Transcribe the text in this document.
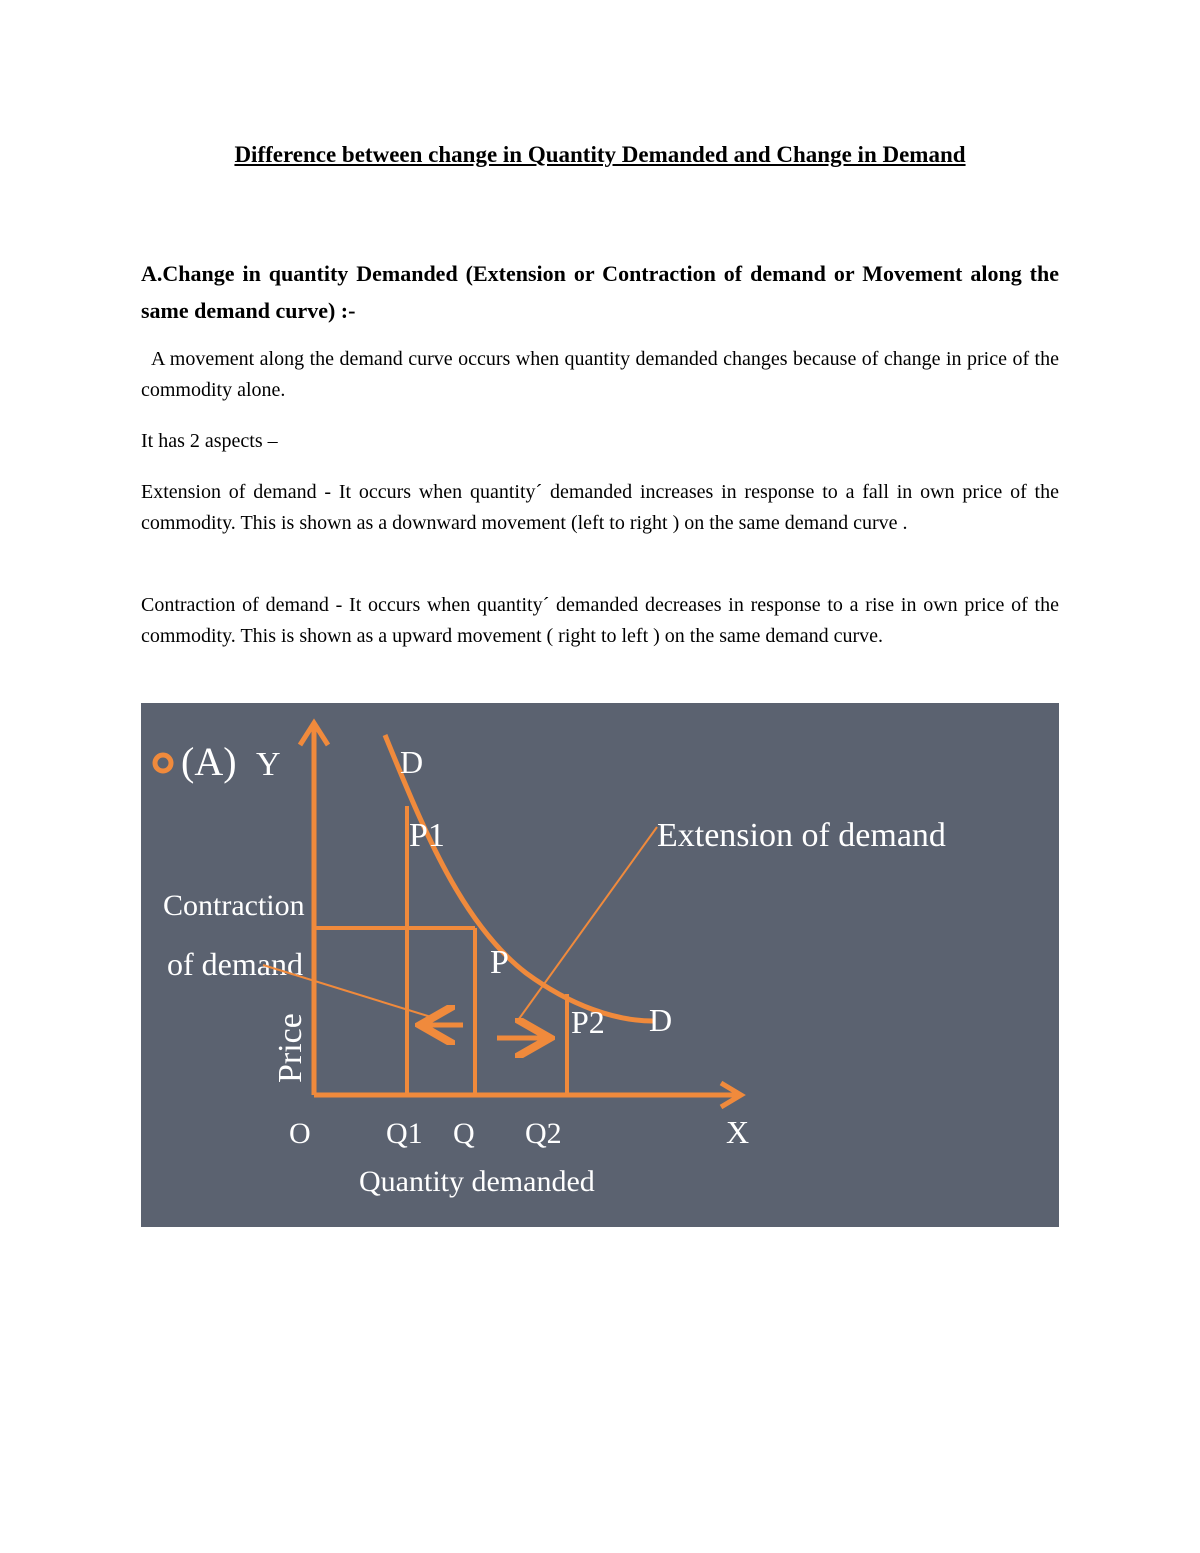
Difference between change in Quantity Demanded and Change in Demand
A.Change in quantity Demanded (Extension or Contraction of demand or Movement along the same demand curve) :-
A movement along the demand curve occurs when quantity demanded changes because of change in price of the commodity alone.
It has 2 aspects –
Extension of demand - It occurs when quantity´ demanded increases in response to a fall in own price of the commodity. This is shown as a downward movement (left to right ) on the same demand curve .
Contraction of demand - It occurs when quantity´ demanded decreases in response to a rise in own price of the commodity. This is shown as a upward movement ( right to left ) on the same demand curve.
(A) Y
X
O
D
D
P1
P
P2
Q1 Q Q2
Price
Quantity demanded
Contraction
of demand
Extension of demand
